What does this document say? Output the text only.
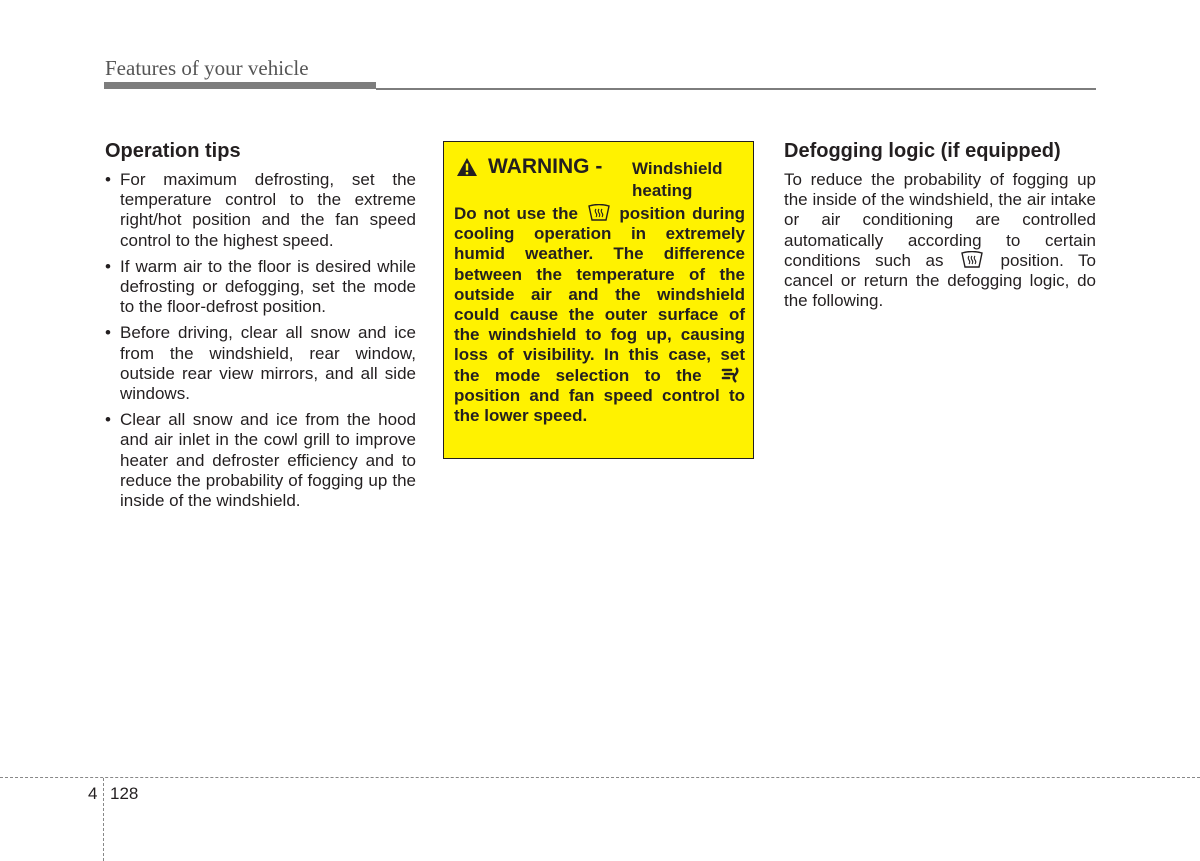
Features of your vehicle
Operation tips
• For maximum defrosting, set the temperature control to the extreme right/hot position and the fan speed control to the highest speed.
• If warm air to the floor is desired while defrosting or defogging, set the mode to the floor-defrost position.
• Before driving, clear all snow and ice from the windshield, rear window, outside rear view mirrors, and all side windows.
• Clear all snow and ice from the hood and air inlet in the cowl grill to improve heater and defroster efficiency and to reduce the probability of fogging up the inside of the windshield.
WARNING - Windshield heating

Do not use the position during cooling operation in extremely humid weather. The difference between the temperature of the outside air and the windshield could cause the outer surface of the windshield to fog up, causing loss of visibility. In this case, set the mode selection to the  position and fan speed control to the lower speed.

Defogging logic (if equipped)

To reduce the probability of fogging up the inside of the windshield, the air intake or air conditioning are controlled automatically according to certain conditions such as	position. To cancel or return the defogging logic, do the following.

4 128
